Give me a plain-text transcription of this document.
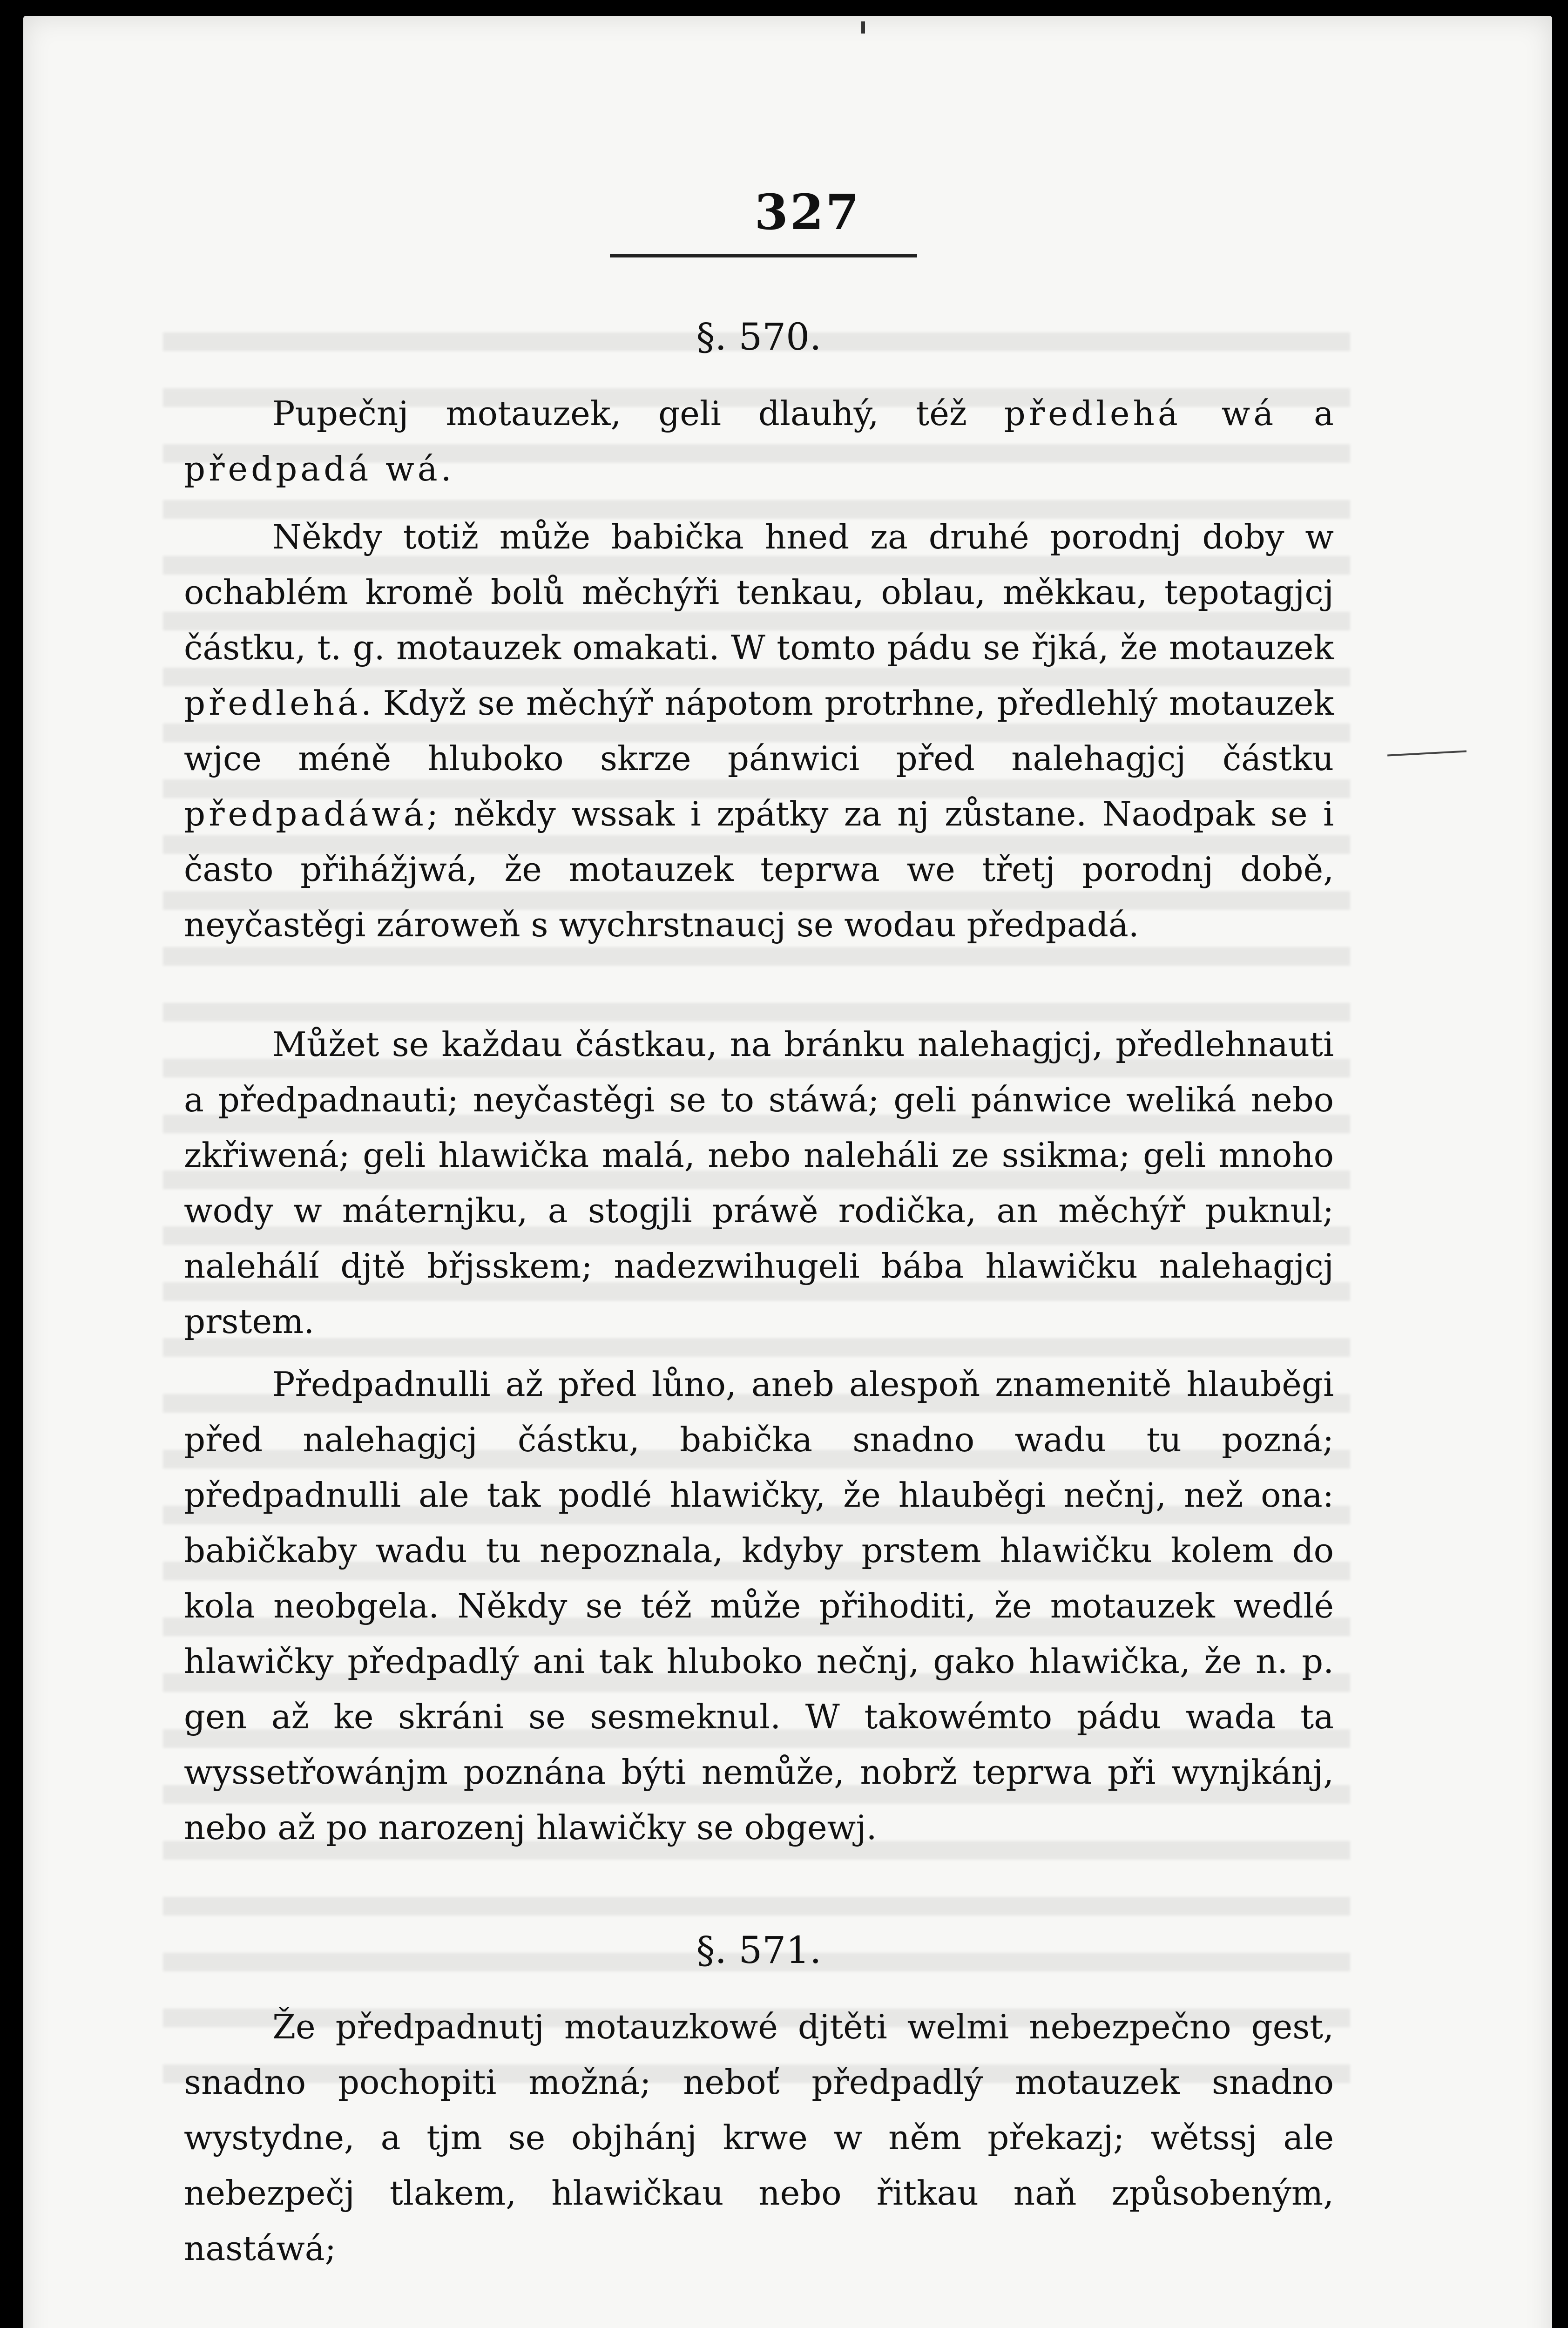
327
§. 570.

Pupečnj motauzek, geli dlauhý, též předlehá wá a předpadá wá.

Někdy totiž může babička hned za druhé porodnj doby w ochablém kromě bolů měchýři tenkau, oblau, měkkau, tepotagjcj částku, t. g. motauzek omakati. W tomto pádu se řjká, že motauzek předlehá. Když se měchýř nápotom protrhne, předlehlý motauzek wjce méně hluboko skrze pánwici před nalehagjcj částku předpadáwá; někdy wssak i zpátky za nj zůstane. Naodpak se i často přihážjwá, že motauzek teprwa we třetj porodnj době, neyčastěgi zároweň s wychrstnaucj se wodau předpadá.

Můžet se každau částkau, na bránku nalehagjcj, předlehnauti a předpadnauti; neyčastěgi se to stáwá; geli pánwice weliká nebo zkřiwená; geli hlawička malá, nebo naleháli ze ssikma; geli mnoho wody w máternjku, a stogjli práwě rodička, an měchýř puknul; nalehálí djtě břjsskem; nadezwihugeli bába hlawičku nalehagjcj prstem.

Předpadnulli až před lůno, aneb alespoň znamenitě hlauběgi před nalehagjcj částku, babička snadno wadu tu pozná; předpadnulli ale tak podlé hlawičky, že hlauběgi nečnj, než ona: babičkaby wadu tu nepoznala, kdyby prstem hlawičku kolem do kola neobgela. Někdy se též může přihoditi, že motauzek wedlé hlawičky předpadlý ani tak hluboko nečnj, gako hlawička, že n. p. gen až ke skráni se sesmeknul. W takowémto pádu wada ta wyssetřowánjm poznána býti nemůže, nobrž teprwa při wynjkánj, nebo až po narozenj hlawičky se obgewj.

§. 571.

Že předpadnutj motauzkowé djtěti welmi nebezpečno gest, snadno pochopiti možná; neboť předpadlý motauzek snadno wystydne, a tjm se objhánj krwe w něm překazj; wětssj ale nebezpečj tlakem, hlawičkau nebo řitkau naň způsobeným, nastáwá;
